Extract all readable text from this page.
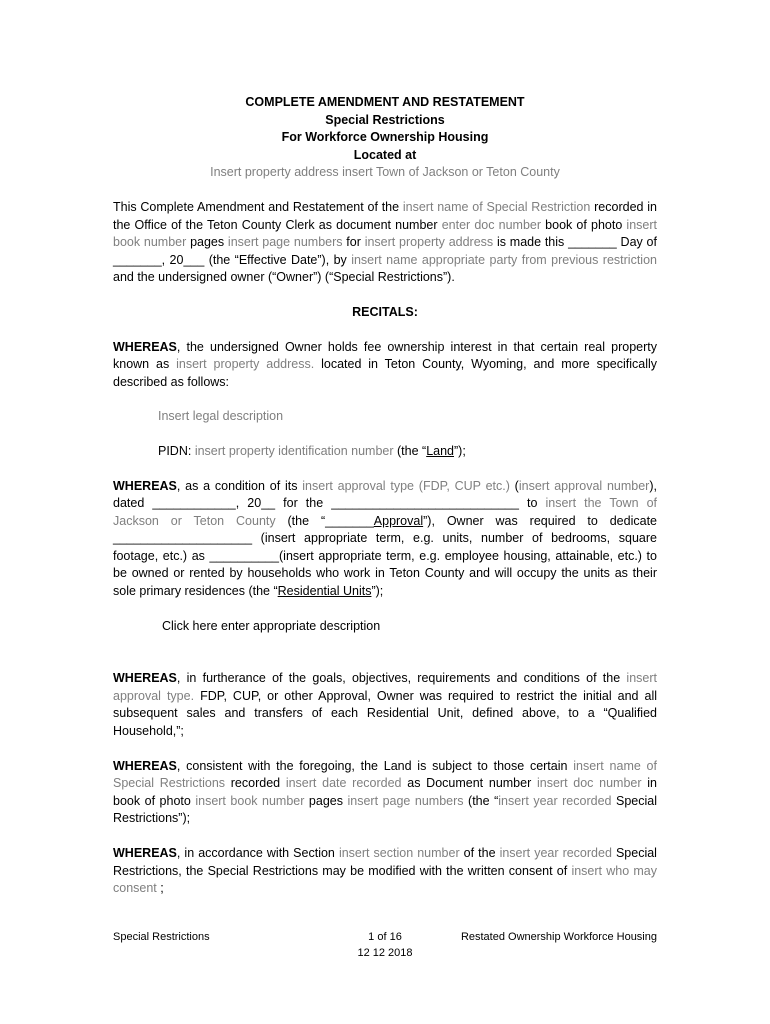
COMPLETE AMENDMENT AND RESTATEMENT
Special Restrictions
For Workforce Ownership Housing
Located at
Insert property address insert Town of Jackson or Teton County

This Complete Amendment and Restatement of the insert name of Special Restriction recorded in the Office of the Teton County Clerk as document number enter doc number book of photo insert book number pages insert page numbers for insert property address is made this _______ Day of _______, 20___ (the “Effective Date”), by insert name appropriate party from previous restriction and the undersigned owner (“Owner”) (“Special Restrictions”).

RECITALS:

WHEREAS, the undersigned Owner holds fee ownership interest in that certain real property known as insert property address. located in Teton County, Wyoming, and more specifically described as follows:

Insert legal description

PIDN: insert property identification number (the “Land”);

WHEREAS, as a condition of its insert approval type (FDP, CUP etc.) (insert approval number), dated ____________, 20__ for the ___________________________ to insert the Town of Jackson or Teton County (the “_______Approval”), Owner was required to dedicate ____________________ (insert appropriate term, e.g. units, number of bedrooms, square footage, etc.) as __________(insert appropriate term, e.g. employee housing, attainable, etc.) to be owned or rented by households who work in Teton County and will occupy the units as their sole primary residences (the “Residential Units”);

Click here enter appropriate description

WHEREAS, in furtherance of the goals, objectives, requirements and conditions of the insert approval type. FDP, CUP, or other Approval, Owner was required to restrict the initial and all subsequent sales and transfers of each Residential Unit, defined above, to a “Qualified Household,”;

WHEREAS, consistent with the foregoing, the Land is subject to those certain insert name of Special Restrictions recorded insert date recorded as Document number insert doc number in book of photo insert book number pages insert page numbers (the “insert year recorded Special Restrictions”);

WHEREAS, in accordance with Section insert section number of the insert year recorded Special Restrictions, the Special Restrictions may be modified with the written consent of insert who may consent ;

Special Restrictions	1 of 16	Restated Ownership Workforce Housing
12 12 2018
